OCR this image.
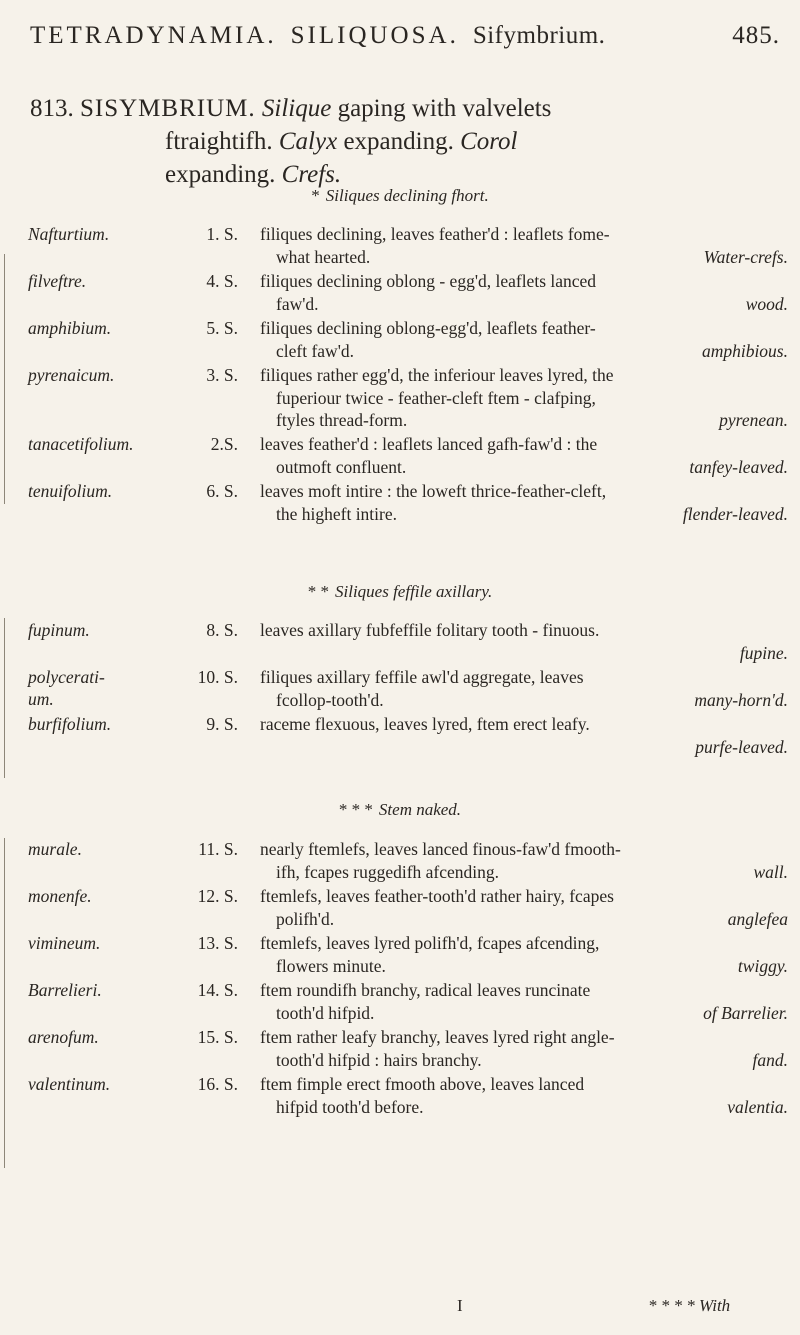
TETRADYNAMIA. SILIQUOSA. Sifymbrium.	485.
813. SISYMBRIUM. Silique gaping with valvelets
ftraightifh. Calyx expanding. Corol
expanding. Crefs.
* Siliques declining fhort.
* * Siliques feffile axillary.
* * * Stem naked.
Nafturtium.	1. S. filiques declining, leaves feather'd : leaflets fome-
what hearted.	Water-crefs.
filveftre.	4. S. filiques declining oblong - egg'd, leaflets lanced
faw'd.	wood.
amphibium.	5. S. filiques declining oblong-egg'd, leaflets feather-
cleft faw'd.	amphibious.
pyrenaicum.	3. S. filiques rather egg'd, the inferiour leaves lyred, the
fuperiour twice - feather-cleft ftem - clafping,
ftyles thread-form.	pyrenean.
tanacetifolium.	2.S. leaves feather'd : leaflets lanced gafh-faw'd : the
outmoft confluent.	tanfey-leaved.
tenuifolium.	6. S. leaves moft intire : the loweft thrice-feather-cleft,
the higheft intire.	flender-leaved.
fupinum.	8. S. leaves axillary fubfeffile folitary tooth - finuous.
fupine.
polycerati-
um.
10. S. filiques axillary feffile awl'd aggregate, leaves
fcollop-tooth'd.	many-horn'd.
burfifolium.	9. S. raceme flexuous, leaves lyred, ftem erect leafy.
purfe-leaved.
murale.	11. S. nearly ftemlefs, leaves lanced finous-faw'd fmooth-
ifh, fcapes ruggedifh afcending.	wall.
monenfe.	12. S. ftemlefs, leaves feather-tooth'd rather hairy, fcapes
polifh'd.	anglefea
vimineum.	13. S. ftemlefs, leaves lyred polifh'd, fcapes afcending,
flowers minute.	twiggy.
Barrelieri.	14. S. ftem roundifh branchy, radical leaves runcinate
tooth'd hifpid.	of Barrelier.
arenofum.	15. S. ftem rather leafy branchy, leaves lyred right angle-
tooth'd hifpid : hairs branchy.	fand.
valentinum.	16. S. ftem fimple erect fmooth above, leaves lanced
hifpid tooth'd before.	valentia.
I	* * * * With
